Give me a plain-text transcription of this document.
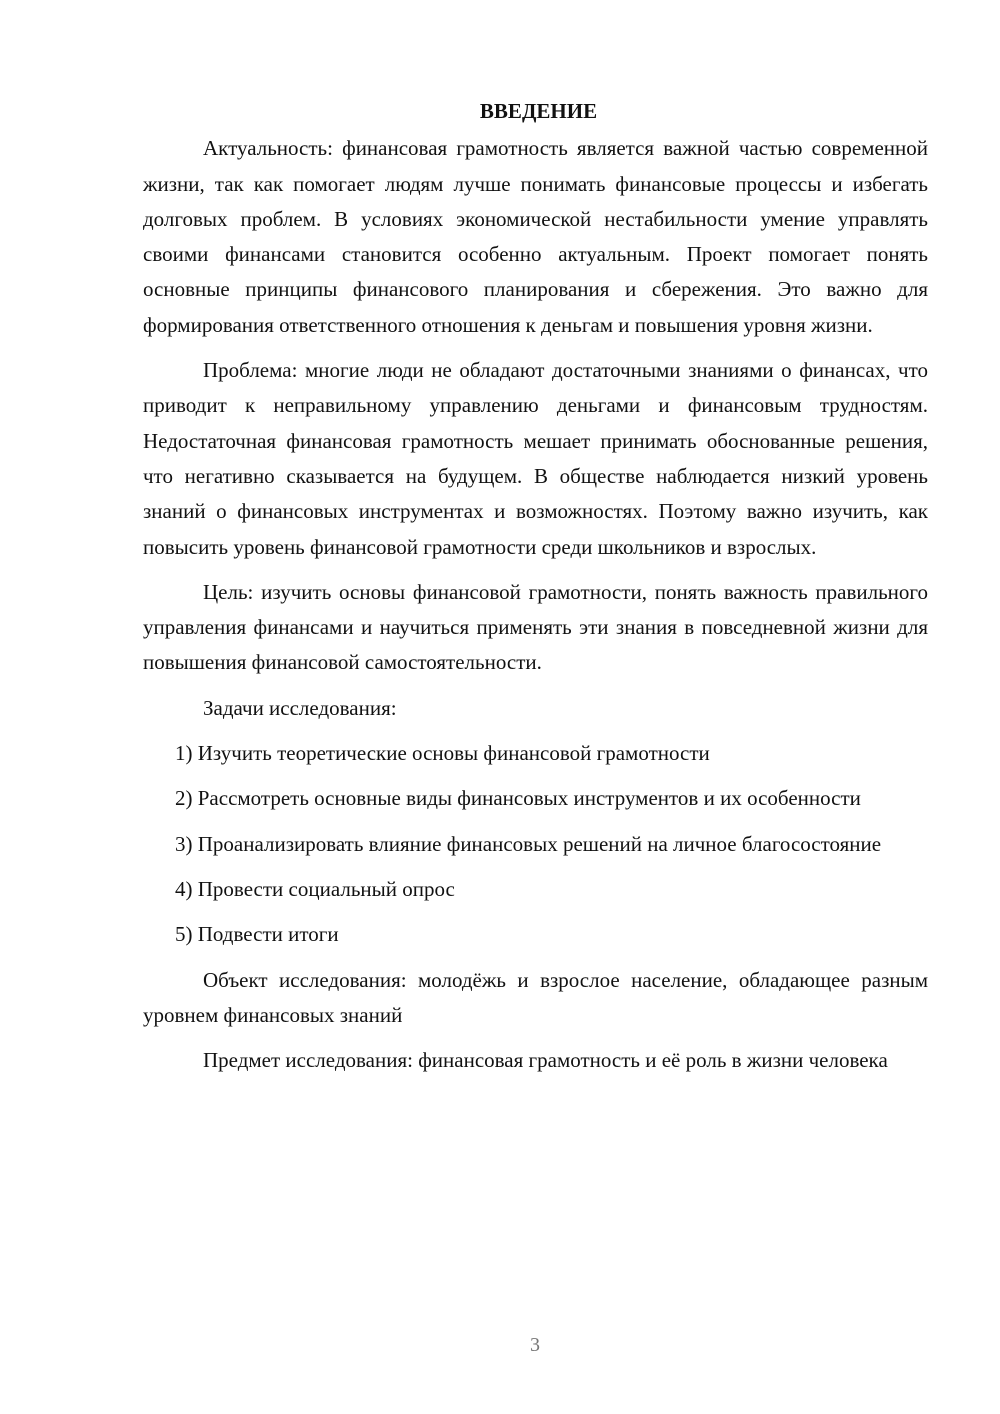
ВВЕДЕНИЕ

Актуальность: финансовая грамотность является важной частью современной жизни, так как помогает людям лучше понимать финансовые процессы и избегать долговых проблем. В условиях экономической нестабильности умение управлять своими финансами становится особенно актуальным. Проект помогает понять основные принципы финансового планирования и сбережения. Это важно для формирования ответственного отношения к деньгам и повышения уровня жизни.

Проблема: многие люди не обладают достаточными знаниями о финансах, что приводит к неправильному управлению деньгами и финансовым трудностям. Недостаточная финансовая грамотность мешает принимать обоснованные решения, что негативно сказывается на будущем. В обществе наблюдается низкий уровень знаний о финансовых инструментах и возможностях. Поэтому важно изучить, как повысить уровень финансовой грамотности среди школьников и взрослых.

Цель: изучить основы финансовой грамотности, понять важность правильного управления финансами и научиться применять эти знания в повседневной жизни для повышения финансовой самостоятельности.

Задачи исследования:

1) Изучить теоретические основы финансовой грамотности

2) Рассмотреть основные виды финансовых инструментов и их особенности

3) Проанализировать влияние финансовых решений на личное благосостояние

4) Провести социальный опрос

5) Подвести итоги

Объект исследования: молодёжь и взрослое население, обладающее разным уровнем финансовых знаний

Предмет исследования: финансовая грамотность и её роль в жизни человека

3
